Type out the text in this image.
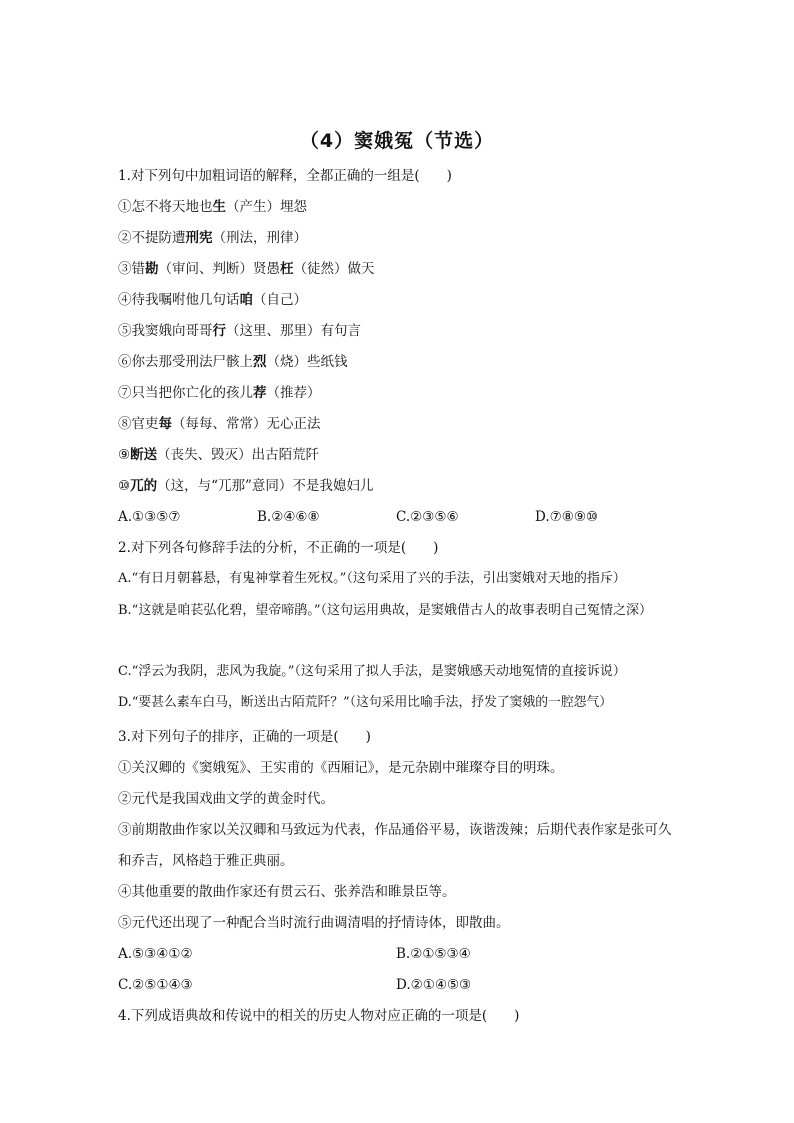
（4）窦娥冤（节选）
1.对下列句中加粗词语的解释，全都正确的一组是(　　)
①怎不将天地也生（产生）埋怨
②不提防遭刑宪（刑法，刑律）
③错勘（审问、判断）贤愚枉（徒然）做天
④待我嘱咐他几句话咱（自己）
⑤我窦娥向哥哥行（这里、那里）有句言
⑥你去那受刑法尸骸上烈（烧）些纸钱
⑦只当把你亡化的孩儿荐（推荐）
⑧官吏每（每每、常常）无心正法
⑨断送（丧失、毁灭）出古陌荒阡
⑩兀的（这，与“兀那”意同）不是我媳妇儿
A.①③⑤⑦	B.②④⑥⑧	C.②③⑤⑥	D.⑦⑧⑨⑩
2.对下列各句修辞手法的分析，不正确的一项是(　　)
A.“有日月朝暮悬，有鬼神掌着生死权。”（这句采用了兴的手法，引出窦娥对天地的指斥）
B.“这就是咱苌弘化碧，望帝啼鹃。”（这句运用典故，是窦娥借古人的故事表明自己冤情之深）
C.“浮云为我阴，悲风为我旋。”（这句采用了拟人手法，是窦娥感天动地冤情的直接诉说）
D.“要甚么素车白马，断送出古陌荒阡？”（这句采用比喻手法，抒发了窦娥的一腔怨气）
3.对下列句子的排序，正确的一项是(　　)
①关汉卿的《窦娥冤》、王实甫的《西厢记》，是元杂剧中璀璨夺目的明珠。
②元代是我国戏曲文学的黄金时代。
③前期散曲作家以关汉卿和马致远为代表，作品通俗平易，诙谐泼辣；后期代表作家是张可久和乔吉，风格趋于雅正典丽。
④其他重要的散曲作家还有贯云石、张养浩和睢景臣等。
⑤元代还出现了一种配合当时流行曲调清唱的抒情诗体，即散曲。
A.⑤③④①②	B.②①⑤③④
C.②⑤①④③	D.②①④⑤③
4.下列成语典故和传说中的相关的历史人物对应正确的一项是(　　)
